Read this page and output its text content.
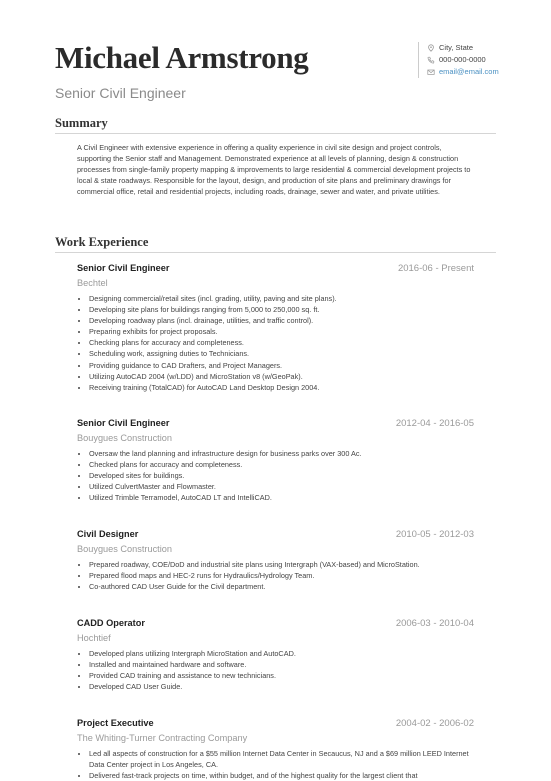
Michael Armstrong
Senior Civil Engineer
City, State
000-000-0000
email@email.com
Summary
A Civil Engineer with extensive experience in offering a quality experience in civil site design and project controls, supporting the Senior staff and Management. Demonstrated experience at all levels of planning, design & construction processes from single-family property mapping & improvements to large residential & commercial development projects to local & state roadways. Responsible for the layout, design, and production of site plans and preliminary drawings for commercial office, retail and residential projects, including roads, drainage, sewer and water, and private utilities.
Work Experience
Senior Civil Engineer	2016-06 - Present
Bechtel
• Designing commercial/retail sites (incl. grading, utility, paving and site plans).
• Developing site plans for buildings ranging from 5,000 to 250,000 sq. ft.
• Developing roadway plans (incl. drainage, utilities, and traffic control).
• Preparing exhibits for project proposals.
• Checking plans for accuracy and completeness.
• Scheduling work, assigning duties to Technicians.
• Providing guidance to CAD Drafters, and Project Managers.
• Utilizing AutoCAD 2004 (w/LDD) and MicroStation v8 (w/GeoPak).
• Receiving training (TotalCAD) for AutoCAD Land Desktop Design 2004.
Senior Civil Engineer	2012-04 - 2016-05
Bouygues Construction
• Oversaw the land planning and infrastructure design for business parks over 300 Ac.
• Checked plans for accuracy and completeness.
• Developed sites for buildings.
• Utilized CulvertMaster and Flowmaster.
• Utilized Trimble Terramodel, AutoCAD LT and IntelliCAD.
Civil Designer	2010-05 - 2012-03
Bouygues Construction
• Prepared roadway, COE/DoD and industrial site plans using Intergraph (VAX-based) and MicroStation.
• Prepared flood maps and HEC-2 runs for Hydraulics/Hydrology Team.
• Co-authored CAD User Guide for the Civil department.
CADD Operator	2006-03 - 2010-04
Hochtief
• Developed plans utilizing Intergraph MicroStation and AutoCAD.
• Installed and maintained hardware and software.
• Provided CAD training and assistance to new technicians.
• Developed CAD User Guide.
Project Executive	2004-02 - 2006-02
The Whiting-Turner Contracting Company
• Led all aspects of construction for a $55 million Internet Data Center in Secaucus, NJ and a $69 million LEED Internet Data Center project in Los Angeles, CA.
• Delivered fast-track projects on time, within budget, and of the highest quality for the largest client that
